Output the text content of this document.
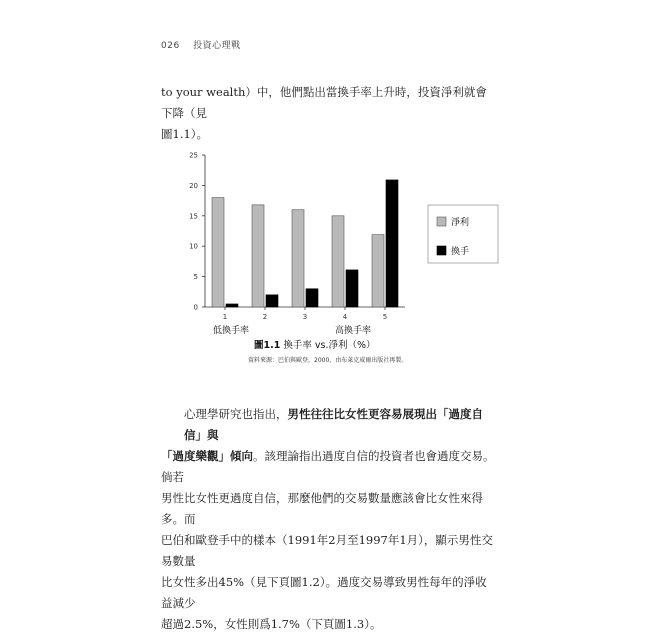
026 投資心理戰
to your wealth）中，他們點出當換手率上升時，投資淨利就會下降（見
圖1.1）。
0
5
10
15
20
25
1	2	3	4	5
低換手率	高換手率
淨利
換手
圖1.1 換手率 vs.淨利（%）
資料來源：巴伯與歐登，2000，由布萊克威爾出版社再製。
心理學研究也指出，男性往往比女性更容易展現出「過度自信」與
「過度樂觀」傾向。該理論指出過度自信的投資者也會過度交易。倘若
男性比女性更過度自信，那麼他們的交易數量應該會比女性來得多。而
巴伯和歐登手中的樣本（1991年2月至1997年1月），顯示男性交易數量
比女性多出45%（見下頁圖1.2）。過度交易導致男性每年的淨收益減少
超過2.5%，女性則爲1.7%（下頁圖1.3）。
